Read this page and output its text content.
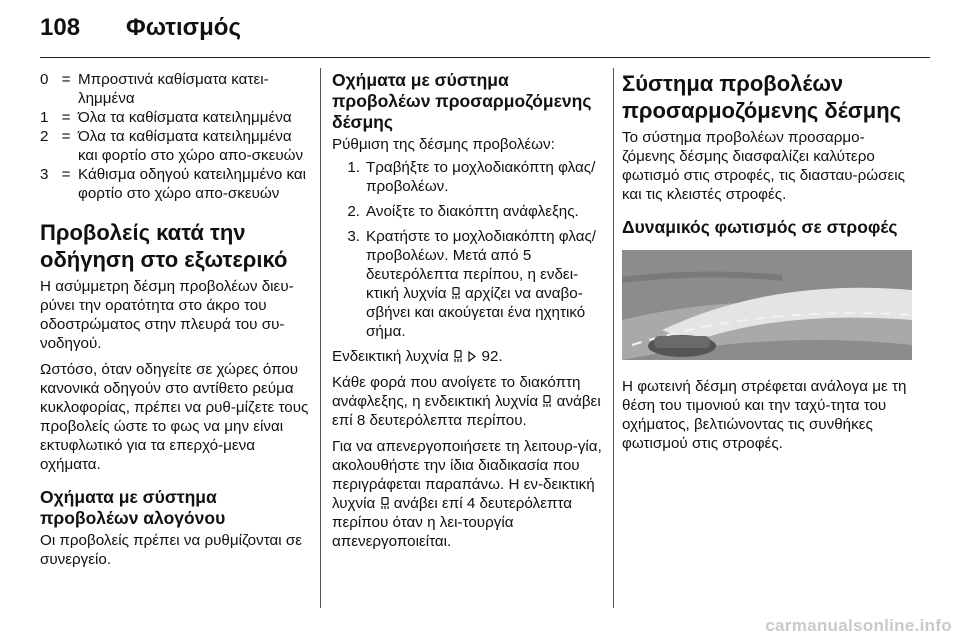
108 Φωτισμός
0 = Μπροστινά καθίσματα κατει-λημμένα
1 = Όλα τα καθίσματα κατειλημμένα
2 = Όλα τα καθίσματα κατειλημμένα και φορτίο στο χώρο απο-σκευών
3 = Κάθισμα οδηγού κατειλημμένο και φορτίο στο χώρο απο-σκευών
Προβολείς κατά την οδήγηση στο εξωτερικό

Η ασύμμετρη δέσμη προβολέων διευ-ρύνει την ορατότητα στο άκρο του οδοστρώματος στην πλευρά του συ-νοδηγού.

Ωστόσο, όταν οδηγείτε σε χώρες όπου κανονικά οδηγούν στο αντίθετο ρεύμα κυκλοφορίας, πρέπει να ρυθ-μίζετε τους προβολείς ώστε το φως να μην είναι εκτυφλωτικό για τα επερχό-μενα οχήματα.

Οχήματα με σύστημα προβολέων αλογόνου

Οι προβολείς πρέπει να ρυθμίζονται σε συνεργείο.

Οχήματα με σύστημα προβολέων προσαρμοζόμενης δέσμης

Ρύθμιση της δέσμης προβολέων:

1. Τραβήξτε το μοχλοδιακόπτη φλας/προβολέων.
2. Ανοίξτε το διακόπτη ανάφλεξης.
3. Κρατήστε το μοχλοδιακόπτη φλας/προβολέων. Μετά από 5 δευτερόλεπτα περίπου, η ενδει-κτική λυχνία αρχίζει να αναβο-σβήνει και ακούγεται ένα ηχητικό σήμα.

Ενδεικτική λυχνία 92.

Κάθε φορά που ανοίγετε το διακόπτη ανάφλεξης, η ενδεικτική λυχνία ανάβει επί 8 δευτερόλεπτα περίπου.

Για να απενεργοποιήσετε τη λειτουρ-γία, ακολουθήστε την ίδια διαδικασία που περιγράφεται παραπάνω. Η εν-δεικτική λυχνία ανάβει επί 4 δευτερόλεπτα περίπου όταν η λει-τουργία απενεργοποιείται.

Σύστημα προβολέων προσαρμοζόμενης δέσμης

Το σύστημα προβολέων προσαρμο-ζόμενης δέσμης διασφαλίζει καλύτερο φωτισμό στις στροφές, τις διασταυ-ρώσεις και τις κλειστές στροφές.

Δυναμικός φωτισμός σε στροφές

Η φωτεινή δέσμη στρέφεται ανάλογα με τη θέση του τιμονιού και την ταχύ-τητα του οχήματος, βελτιώνοντας τις συνθήκες φωτισμού στις στροφές.

carmanualsonline.info
